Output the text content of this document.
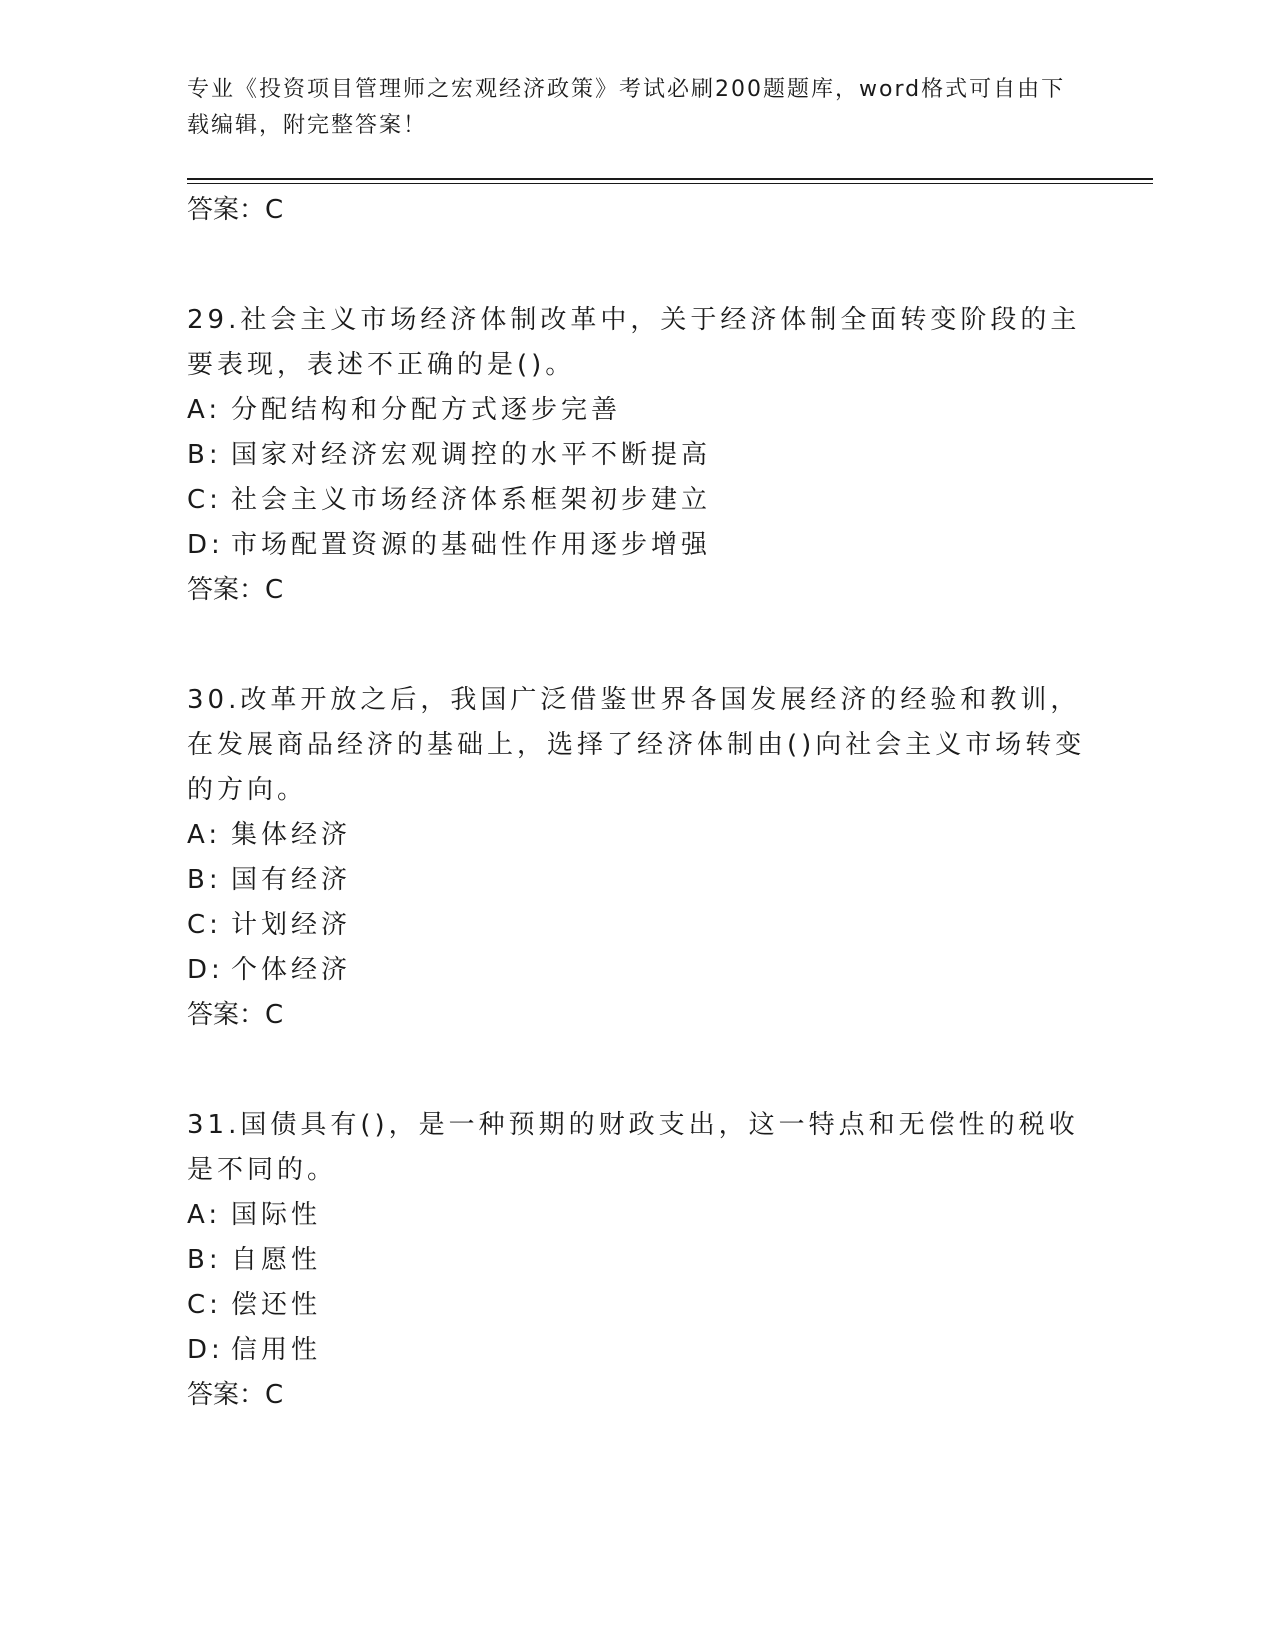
专业《投资项目管理师之宏观经济政策》考试必刷200题题库，word格式可自由下载编辑，附完整答案！

答案：C

29.社会主义市场经济体制改革中，关于经济体制全面转变阶段的主要表现，表述不正确的是()。

A: 分配结构和分配方式逐步完善

B: 国家对经济宏观调控的水平不断提高

C: 社会主义市场经济体系框架初步建立

D: 市场配置资源的基础性作用逐步增强

答案：C

30.改革开放之后，我国广泛借鉴世界各国发展经济的经验和教训，在发展商品经济的基础上，选择了经济体制由()向社会主义市场转变的方向。

A: 集体经济

B: 国有经济

C: 计划经济

D: 个体经济

答案：C

31.国债具有()，是一种预期的财政支出，这一特点和无偿性的税收是不同的。

A: 国际性

B: 自愿性

C: 偿还性

D: 信用性

答案：C
